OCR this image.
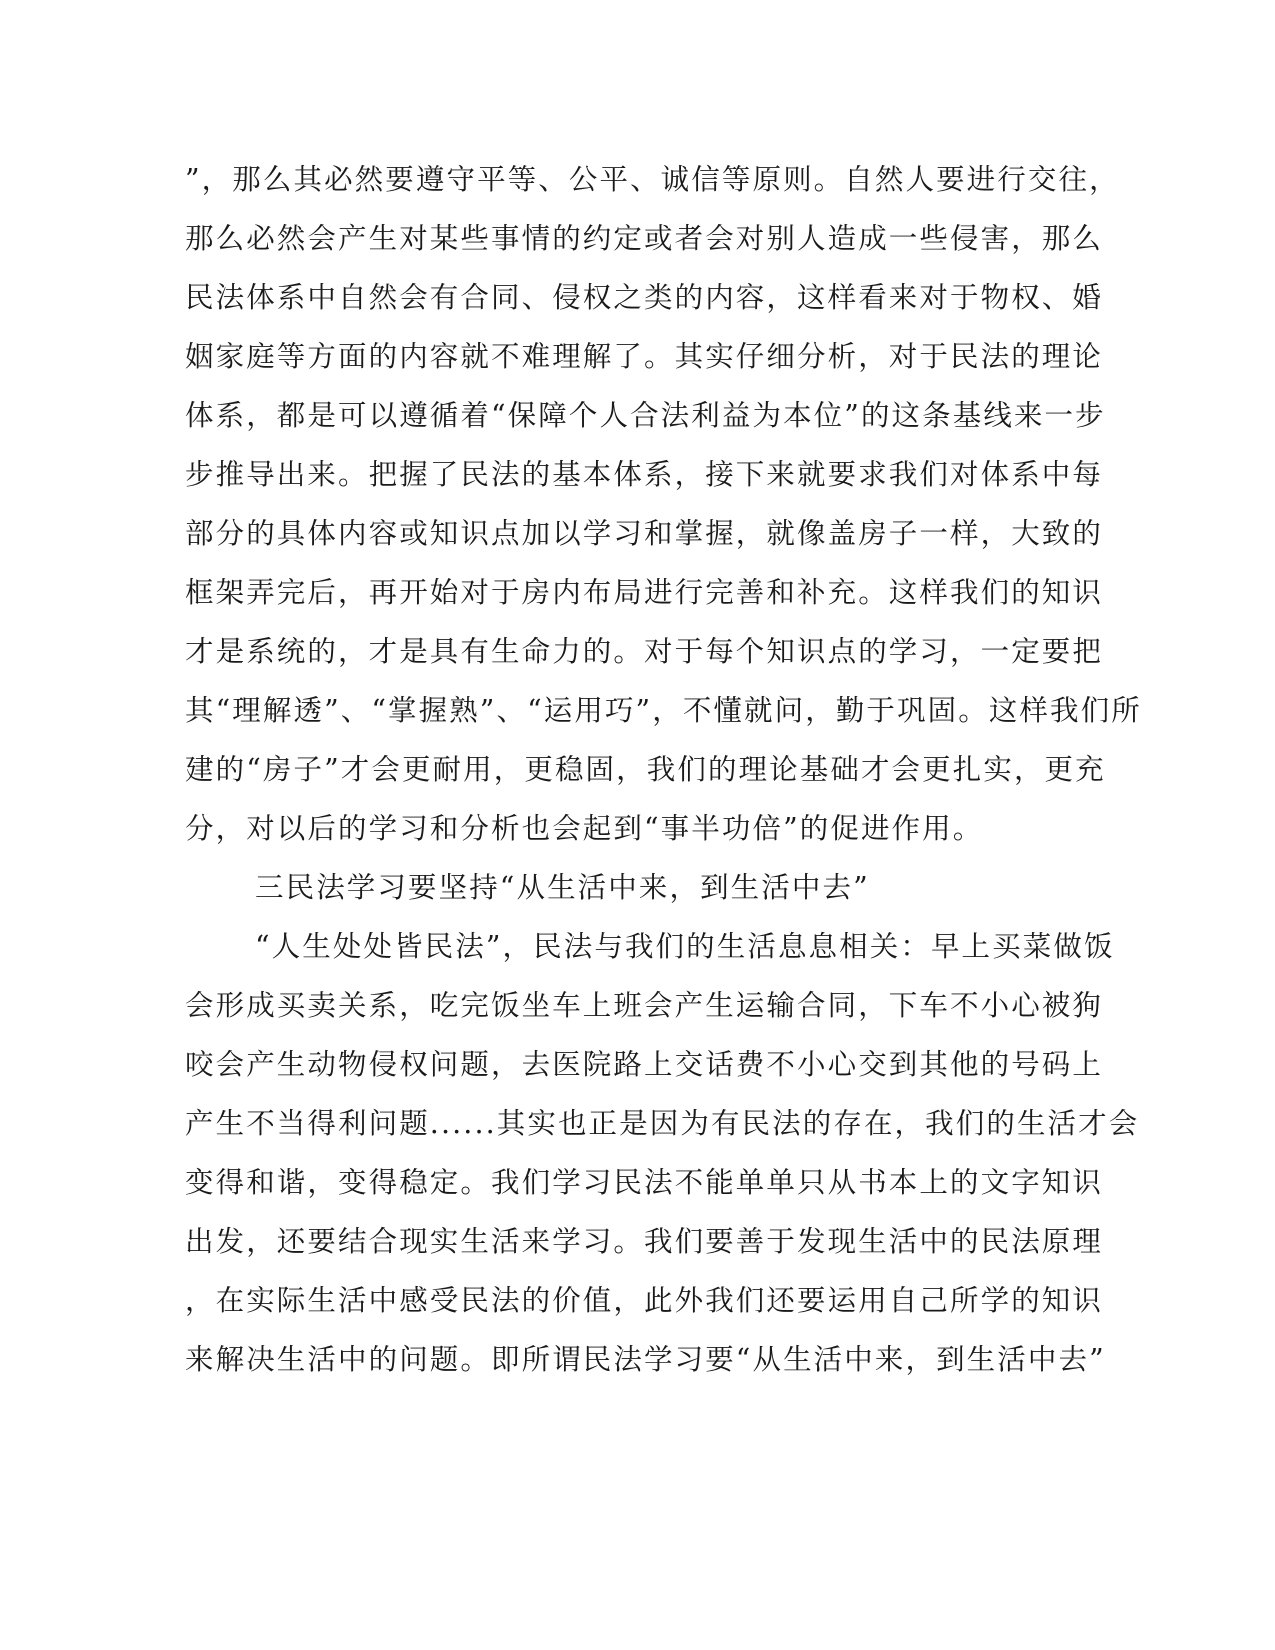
”，那么其必然要遵守平等、公平、诚信等原则。自然人要进行交往，
那么必然会产生对某些事情的约定或者会对别人造成一些侵害，那么
民法体系中自然会有合同、侵权之类的内容，这样看来对于物权、婚
姻家庭等方面的内容就不难理解了。其实仔细分析，对于民法的理论
体系，都是可以遵循着“保障个人合法利益为本位”的这条基线来一步
步推导出来。把握了民法的基本体系，接下来就要求我们对体系中每
部分的具体内容或知识点加以学习和掌握，就像盖房子一样，大致的
框架弄完后，再开始对于房内布局进行完善和补充。这样我们的知识
才是系统的，才是具有生命力的。对于每个知识点的学习，一定要把
其“理解透”、“掌握熟”、“运用巧”，不懂就问，勤于巩固。这样我们所
建的“房子”才会更耐用，更稳固，我们的理论基础才会更扎实，更充
分，对以后的学习和分析也会起到“事半功倍”的促进作用。
三民法学习要坚持“从生活中来，到生活中去”
“人生处处皆民法”，民法与我们的生活息息相关：早上买菜做饭
会形成买卖关系，吃完饭坐车上班会产生运输合同，下车不小心被狗
咬会产生动物侵权问题，去医院路上交话费不小心交到其他的号码上
产生不当得利问题......其实也正是因为有民法的存在，我们的生活才会
变得和谐，变得稳定。我们学习民法不能单单只从书本上的文字知识
出发，还要结合现实生活来学习。我们要善于发现生活中的民法原理
，在实际生活中感受民法的价值，此外我们还要运用自己所学的知识
来解决生活中的问题。即所谓民法学习要“从生活中来，到生活中去”
